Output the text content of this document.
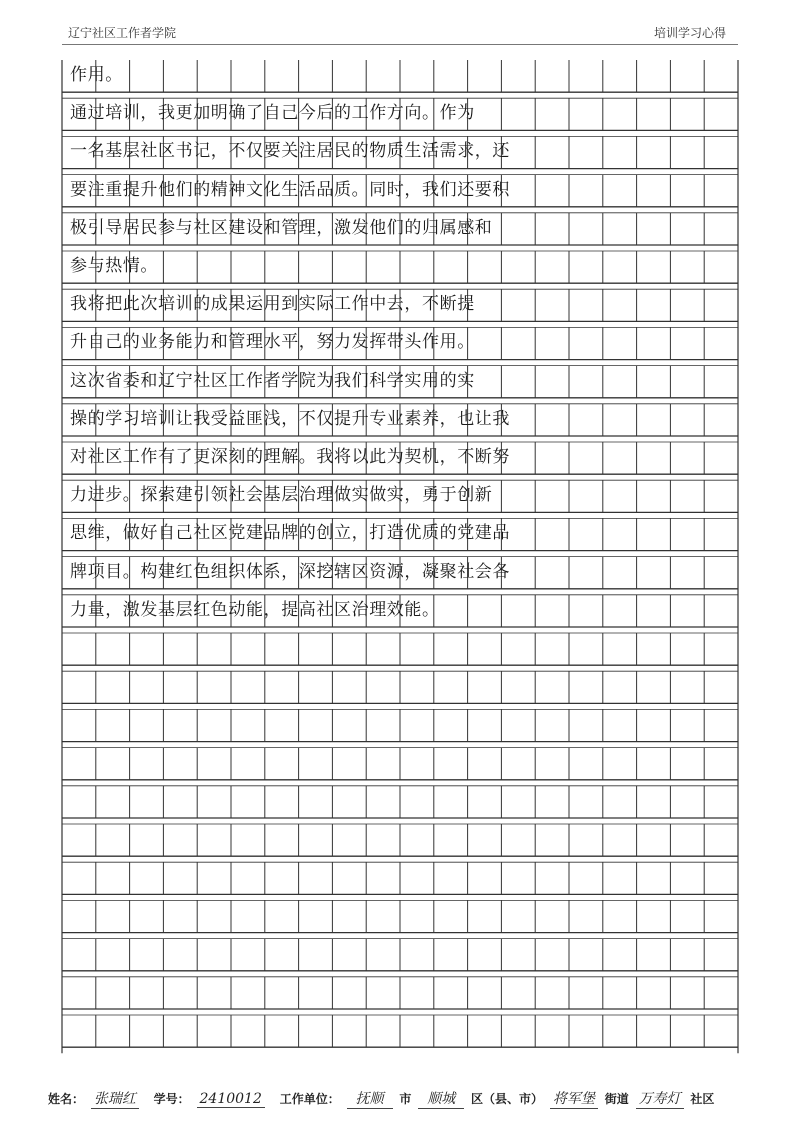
辽宁社区工作者学院	培训学习心得
作用。
通过培训，我更加明确了自己今后的工作方向。作为
一名基层社区书记，不仅要关注居民的物质生活需求，还
要注重提升他们的精神文化生活品质。同时，我们还要积
极引导居民参与社区建设和管理，激发他们的归属感和
参与热情。
我将把此次培训的成果运用到实际工作中去，不断提
升自己的业务能力和管理水平，努力发挥带头作用。
这次省委和辽宁社区工作者学院为我们科学实用的实
操的学习培训让我受益匪浅，不仅提升专业素养，也让我
对社区工作有了更深刻的理解。我将以此为契机，不断努
力进步。探索建引领社会基层治理做实做实，勇于创新
思维，做好自己社区党建品牌的创立，打造优质的党建品
牌项目。构建红色组织体系，深挖辖区资源，凝聚社会各
力量，激发基层红色动能，提高社区治理效能。
姓名： 张瑞红 学号： 2410012 工作单位： 抚顺 市 顺城 区（县、市） 将军堡 街道 万寿灯 社区
